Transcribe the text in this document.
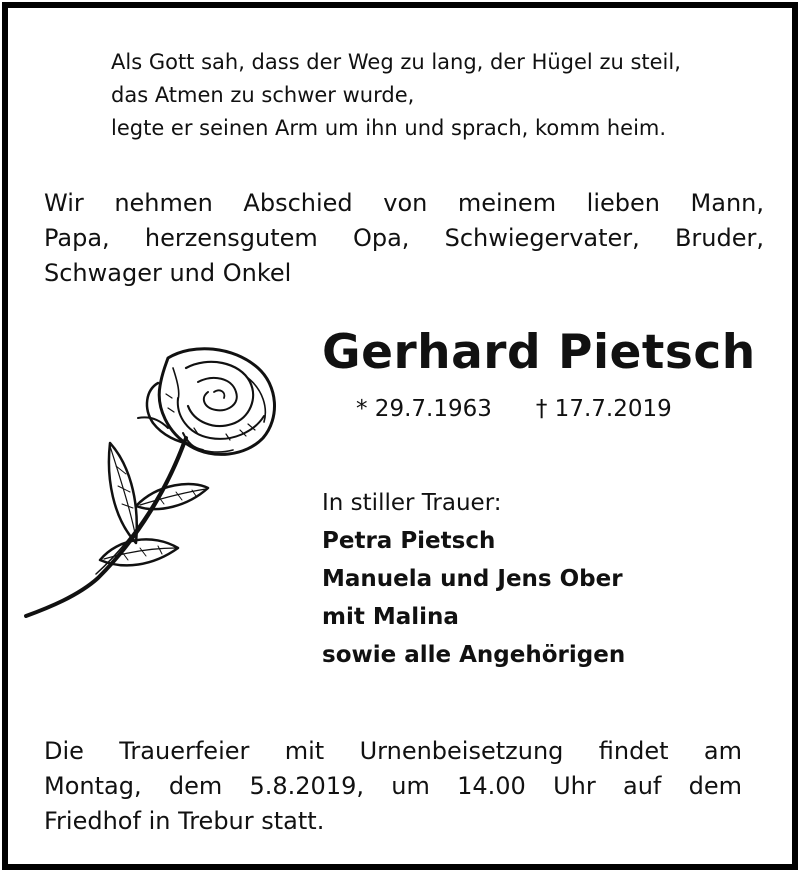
Als Gott sah, dass der Weg zu lang, der Hügel zu steil,
das Atmen zu schwer wurde,
legte er seinen Arm um ihn und sprach, komm heim.
Wir nehmen Abschied von meinem lieben Mann,
Papa, herzensgutem Opa, Schwiegervater, Bruder,
Schwager und Onkel
Gerhard Pietsch
* 29.7.1963 † 17.7.2019
In stiller Trauer:
Petra Pietsch
Manuela und Jens Ober
mit Malina
sowie alle Angehörigen
Die Trauerfeier mit Urnenbeisetzung findet am
Montag, dem 5.8.2019, um 14.00 Uhr auf dem
Friedhof in Trebur statt.
